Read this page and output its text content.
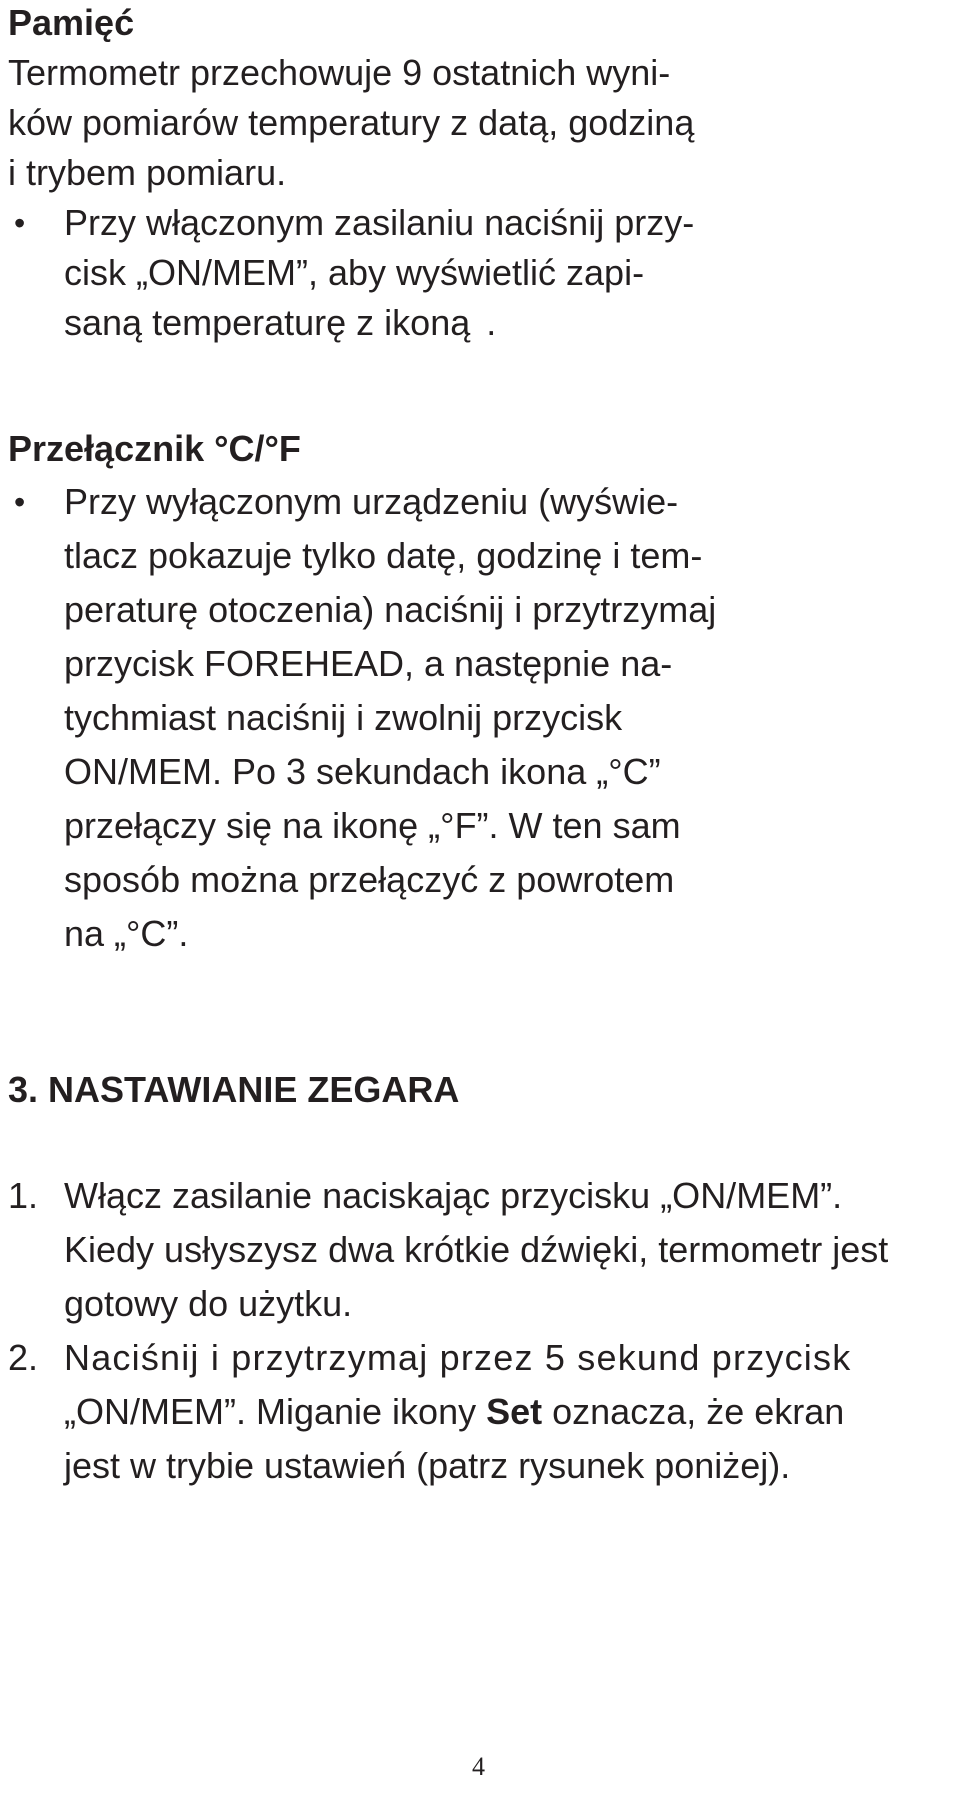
Pamięć
Termometr przechowuje 9 ostatnich wyni-
ków pomiarów temperatury z datą, godziną
i trybem pomiaru.
• Przy włączonym zasilaniu naciśnij przy-
cisk „ON/MEM”, aby wyświetlić zapi-
saną temperaturę z ikoną .
Przełącznik °C/°F
• Przy wyłączonym urządzeniu (wyświe-
tlacz pokazuje tylko datę, godzinę i tem-
peraturę otoczenia) naciśnij i przytrzymaj
przycisk FOREHEAD, a następnie na-
tychmiast naciśnij i zwolnij przycisk
ON/MEM. Po 3 sekundach ikona „°C”
przełączy się na ikonę „°F”. W ten sam
sposób można przełączyć z powrotem
na „°C”.
3. NASTAWIANIE ZEGARA
1. Włącz zasilanie naciskając przycisku „ON/MEM”.
Kiedy usłyszysz dwa krótkie dźwięki, termometr jest
gotowy do użytku.
2. Naciśnij i przytrzymaj przez 5 sekund przycisk
„ON/MEM”. Miganie ikony Set oznacza, że ekran
jest w trybie ustawień (patrz rysunek poniżej).
4
